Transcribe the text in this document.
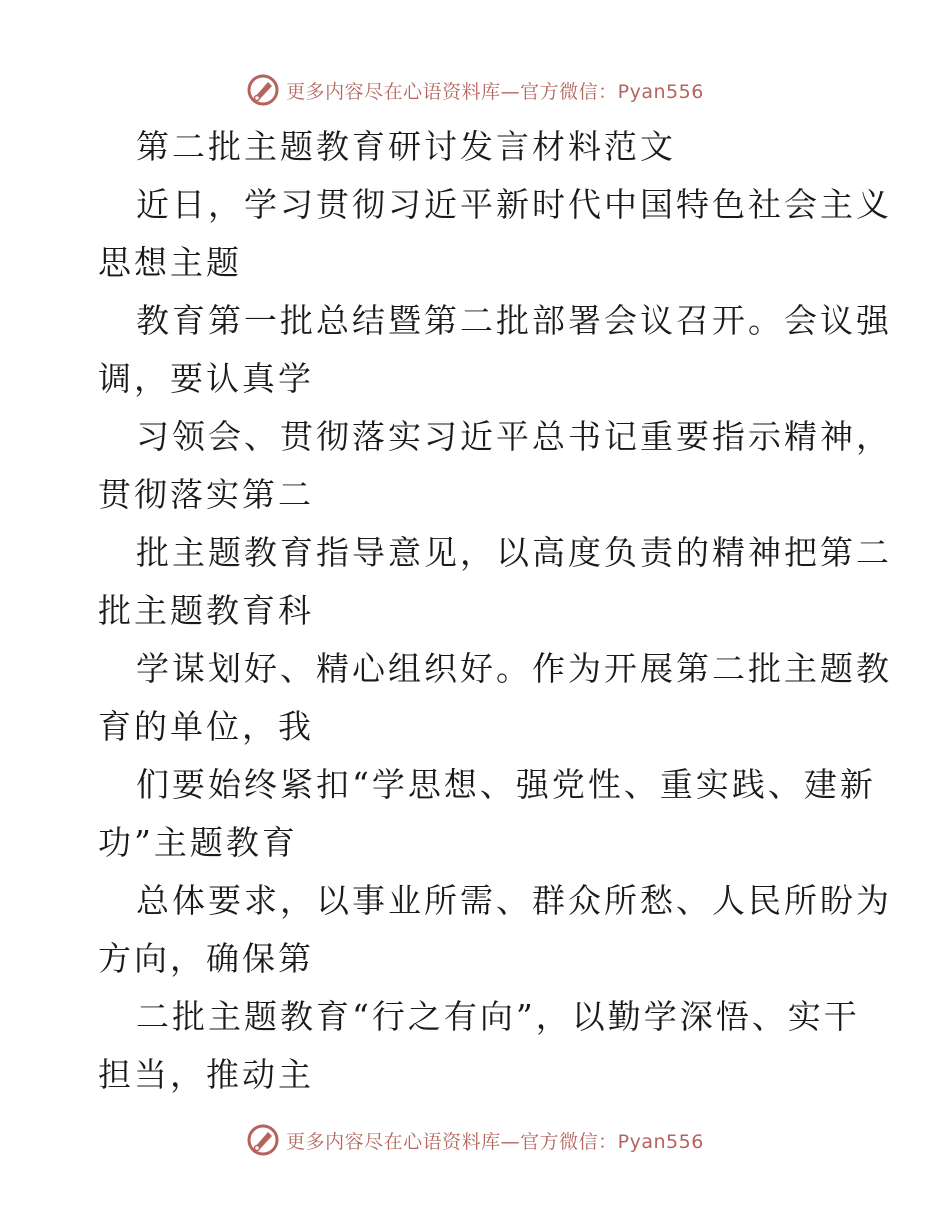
更多内容尽在心语资料库—官方微信：Pyan556
第二批主题教育研讨发言材料范文
近日，学习贯彻习近平新时代中国特色社会主义
思想主题
教育第一批总结暨第二批部署会议召开。会议强
调，要认真学
习领会、贯彻落实习近平总书记重要指示精神，
贯彻落实第二
批主题教育指导意见，以高度负责的精神把第二
批主题教育科
学谋划好、精心组织好。作为开展第二批主题教
育的单位，我
们要始终紧扣“学思想、强党性、重实践、建新
功”主题教育
总体要求，以事业所需、群众所愁、人民所盼为
方向，确保第
二批主题教育“行之有向”，以勤学深悟、实干
担当，推动主
更多内容尽在心语资料库—官方微信：Pyan556
